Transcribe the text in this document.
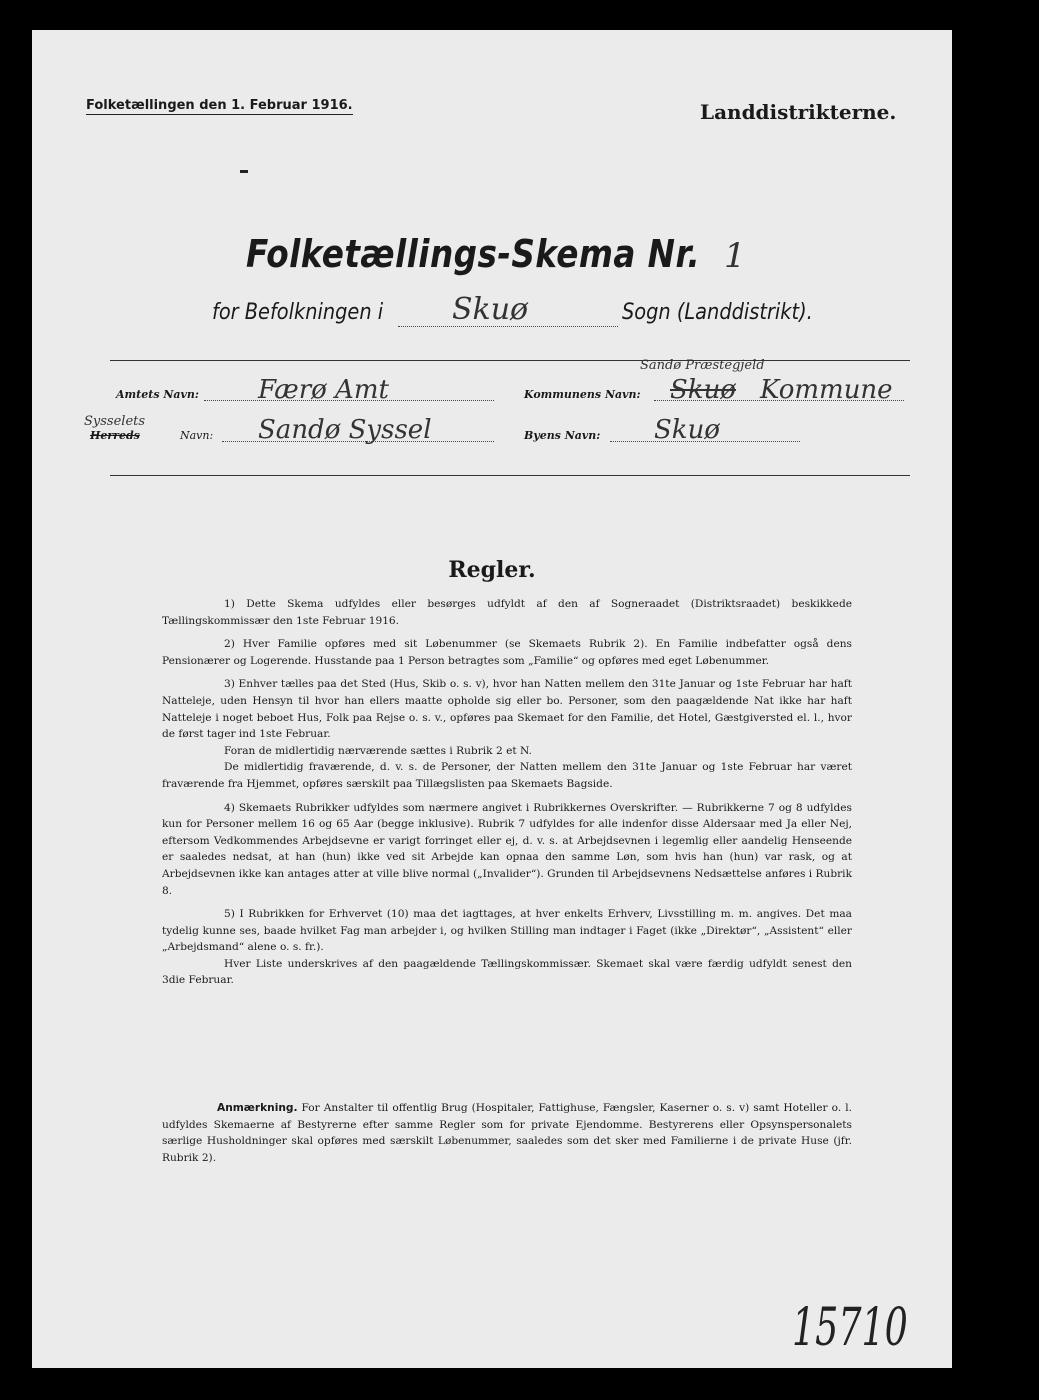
Folketællingen den 1. Februar 1916.	Landdistrikterne.
Folketællings-Skema Nr. 1
for Befolkningen i Skuø	Sogn (Landdistrikt).
Amtets Navn: Færø Amt	Kommunens Navn:
Sandø Præstegjeld
Skuø Kommune
Sysselets
Herreds	Navn: Sandø Syssel	Byens Navn: Skuø
Regler.

1) Dette Skema udfyldes eller besørges udfyldt af den af Sogneraadet (Distriktsraadet) beskikkede Tællingskommissær den 1ste Februar 1916.

2) Hver Familie opføres med sit Løbenummer (se Skemaets Rubrik 2). En Familie indbefatter også dens Pensionærer og Logerende. Husstande paa 1 Person betragtes som „Familie“ og opføres med eget Løbenummer.

3) Enhver tælles paa det Sted (Hus, Skib o. s. v), hvor han Natten mellem den 31te Januar og 1ste Februar har haft Natteleje, uden Hensyn til hvor han ellers maatte opholde sig eller bo. Personer, som den paagældende Nat ikke har haft Natteleje i noget beboet Hus, Folk paa Rejse o. s. v., opføres paa Skemaet for den Familie, det Hotel, Gæstgiversted el. l., hvor de først tager ind 1ste Februar.

Foran de midlertidig nærværende sættes i Rubrik 2 et N.

De midlertidig fraværende, d. v. s. de Personer, der Natten mellem den 31te Januar og 1ste Februar har været fraværende fra Hjemmet, opføres særskilt paa Tillægslisten paa Skemaets Bagside.

4) Skemaets Rubrikker udfyldes som nærmere angivet i Rubrikkernes Overskrifter. — Rubrikkerne 7 og 8 udfyldes kun for Personer mellem 16 og 65 Aar (begge inklusive). Rubrik 7 udfyldes for alle indenfor disse Aldersaar med Ja eller Nej, eftersom Vedkommendes Arbejdsevne er varigt forringet eller ej, d. v. s. at Arbejdsevnen i legemlig eller aandelig Henseende er saaledes nedsat, at han (hun) ikke ved sit Arbejde kan opnaa den samme Løn, som hvis han (hun) var rask, og at Arbejdsevnen ikke kan antages atter at ville blive normal („Invalider“). Grunden til Arbejdsevnens Nedsættelse anføres i Rubrik 8.

5) I Rubrikken for Erhvervet (10) maa det iagttages, at hver enkelts Erhverv, Livsstilling m. m. angives. Det maa tydelig kunne ses, baade hvilket Fag man arbejder i, og hvilken Stilling man indtager i Faget (ikke „Direktør“, „Assistent“ eller „Arbejdsmand“ alene o. s. fr.).

Hver Liste underskrives af den paagældende Tællingskommissær. Skemaet skal være færdig udfyldt senest den 3die Februar.

Anmærkning. For Anstalter til offentlig Brug (Hospitaler, Fattighuse, Fængsler, Kaserner o. s. v) samt Hoteller o. l. udfyldes Skemaerne af Bestyrerne efter samme Regler som for private Ejendomme. Bestyrerens eller Opsynspersonalets særlige Husholdninger skal opføres med særskilt Løbenummer, saaledes som det sker med Familierne i de private Huse (jfr. Rubrik 2).
15710
